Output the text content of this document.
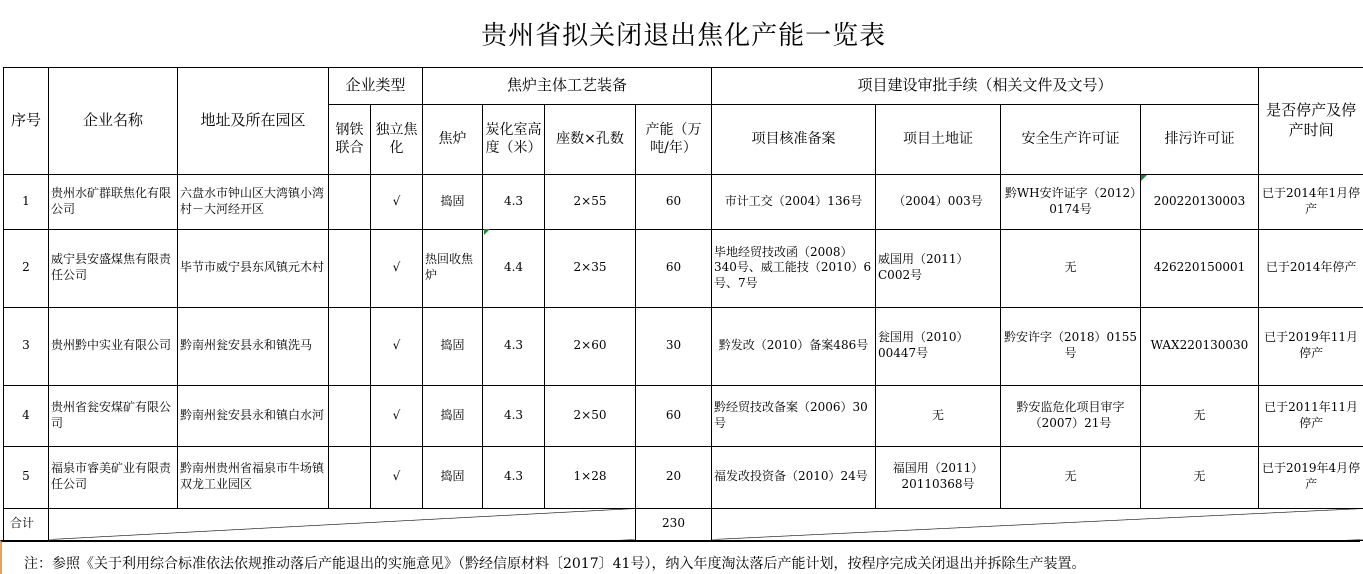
贵州省拟关闭退出焦化产能一览表													
序号	企业名称	地址及所在园区	企业类型		焦炉主体工艺装备				项目建设审批手续（相关文件及文号）				是否停产及停产时间
			钢铁联合	独立焦化	焦炉	炭化室高度（米）	座数×孔数	产能（万吨/年）	项目核准备案	项目土地证	安全生产许可证	排污许可证	
1	贵州水矿群联焦化有限公司	六盘水市钟山区大湾镇小湾村－大河经开区		√	捣固	4.3	2×55	60	市计工交（2004）136号	（2004）003号	黔WH安许证字（2012）0174号	200220130003	已于2014年1月停产
2	威宁县安盛煤焦有限责任公司	毕节市威宁县东风镇元木村		√	热回收焦炉	4.4	2×35	60	毕地经贸技改函（2008）340号、威工能技（2010）6号、7号	威国用（2011）C002号	无	426220150001	已于2014年停产
3	贵州黔中实业有限公司	黔南州瓮安县永和镇洗马		√	捣固	4.3	2×60	30	黔发改（2010）备案486号	瓮国用（2010）00447号	黔安许字（2018）0155号	WAX220130030	已于2019年11月停产
4	贵州省瓮安煤矿有限公司	黔南州瓮安县永和镇白水河		√	捣固	4.3	2×50	60	黔经贸技改备案（2006）30号	无	黔安监危化项目审字（2007）21号	无	已于2011年11月停产
5	福泉市睿美矿业有限责任公司	黔南州贵州省福泉市牛场镇双龙工业园区		√	捣固	4.3	1×28	20	福发改投资备（2010）24号	福国用（2011）20110368号	无	无	已于2019年4月停产
合计								230					
注：参照《关于利用综合标准依法依规推动落后产能退出的实施意见》（黔经信原材料〔2017〕41号），纳入年度淘汰落后产能计划，按程序完成关闭退出并拆除生产装置。
